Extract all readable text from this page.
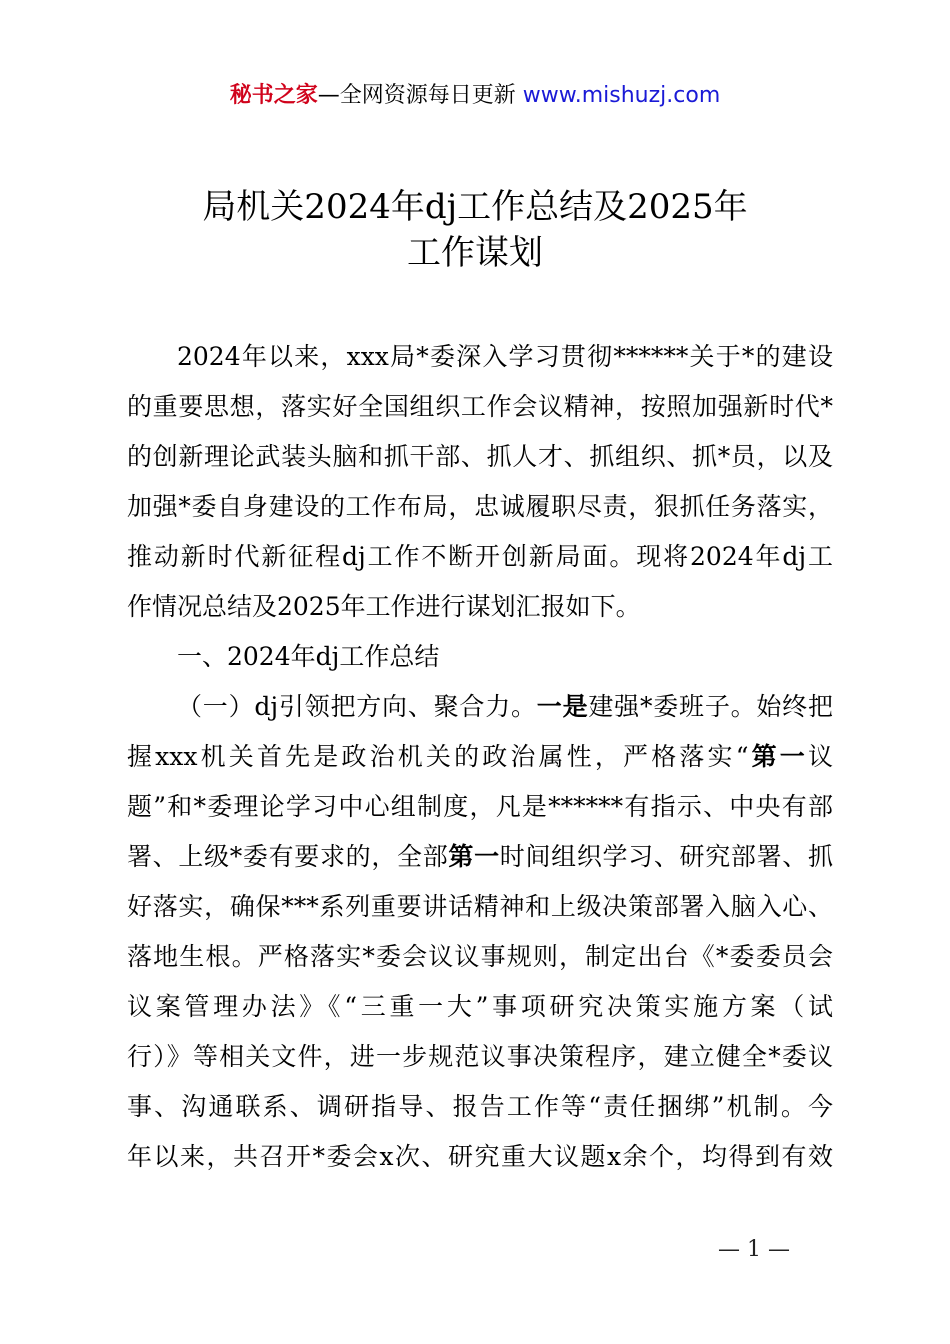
秘书之家—全网资源每日更新 www.mishuzj.com
局机关2024年dj工作总结及2025年
工作谋划
2024年以来，xxx局*委深入学习贯彻******关于*的建设
的重要思想，落实好全国组织工作会议精神，按照加强新时代*
的创新理论武装头脑和抓干部、抓人才、抓组织、抓*员，以及
加强*委自身建设的工作布局，忠诚履职尽责，狠抓任务落实，
推动新时代新征程dj工作不断开创新局面。现将2024年dj工
作情况总结及2025年工作进行谋划汇报如下。
一、2024年dj工作总结
（一）dj引领把方向、聚合力。一是建强*委班子。始终把
握xxx机关首先是政治机关的政治属性，严格落实“第一议
题”和*委理论学习中心组制度，凡是******有指示、中央有部
署、上级*委有要求的，全部第一时间组织学习、研究部署、抓
好落实，确保***系列重要讲话精神和上级决策部署入脑入心、
落地生根。严格落实*委会议议事规则，制定出台《*委委员会
议案管理办法》《“三重一大”事项研究决策实施方案（试
行）》等相关文件，进一步规范议事决策程序，建立健全*委议
事、沟通联系、调研指导、报告工作等“责任捆绑”机制。今
年以来，共召开*委会x次、研究重大议题x余个，均得到有效
— 1 —
